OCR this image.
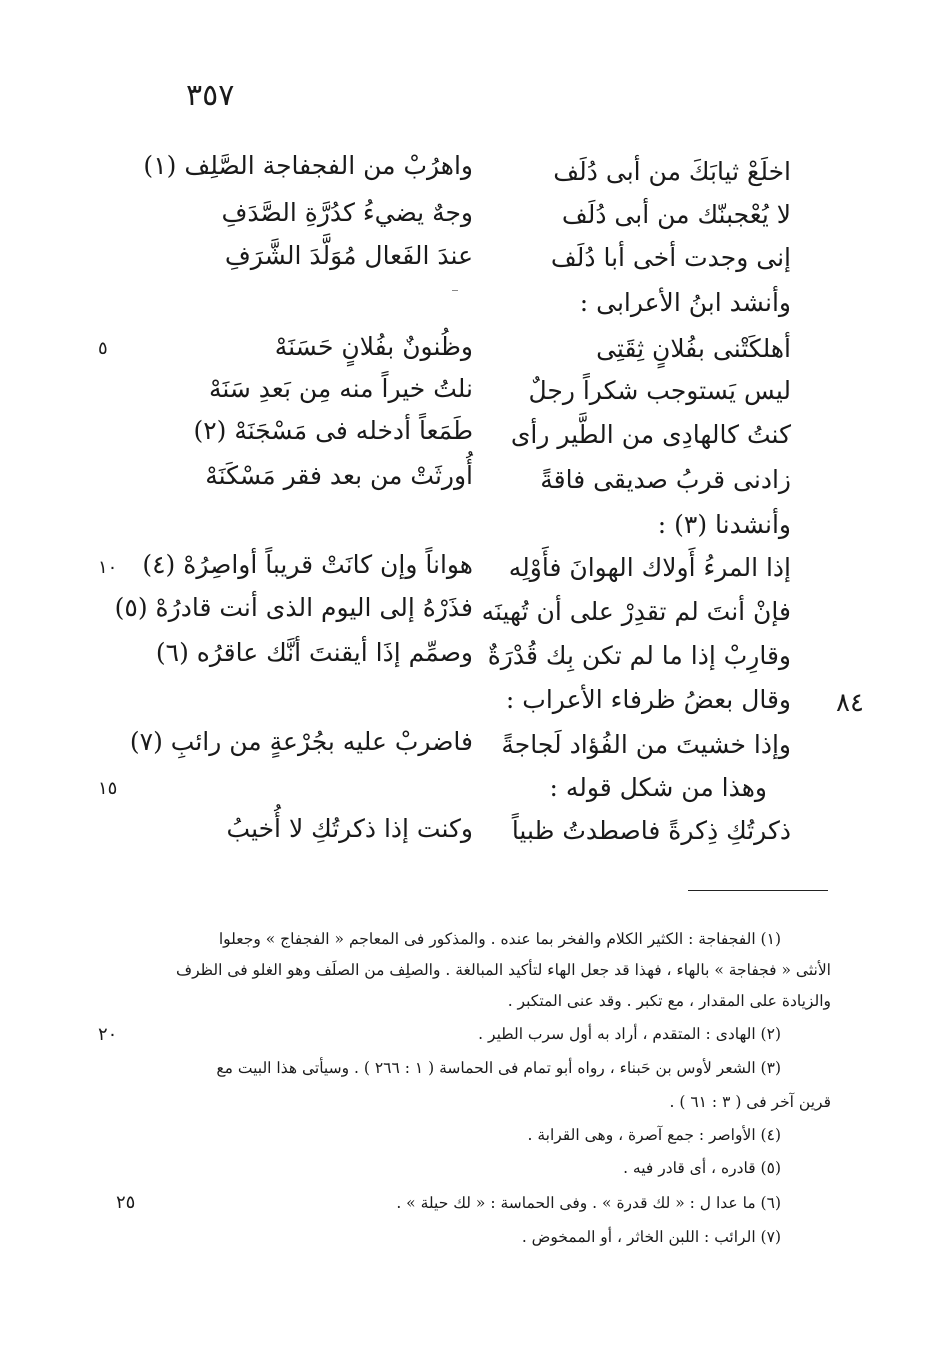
٣٥٧
اخلَعْ ثيابَكَ من أبى دُلَف
واهرُبْ من الفجفاجة الصَّلِف (١)
لا يُعْجبنّك من أبى دُلَف
وجهٌ يضيءُ كدُرَّةِ الصَّدَفِ
إنى وجدت أخى أبا دُلَف
عندَ الفَعال مُوَلَّدَ الشَّرَفِ
وأنشد ابنُ الأعرابى :
أهلكَتْنى بفُلانٍ ثِقَتِى
وظُنونٌ بفُلانٍ حَسَنَهْ
ليس يَستوجب شكراً رجلٌ
نلتُ خيراً منه مِن بَعدِ سَنَهْ
كنتُ كالهادِى من الطَّير رأى
طَمَعاً أدخله فى مَسْجَنَهْ (٢)
زادنى قربُ صديقى فاقةً
أُورثَتْ من بعد فقر مَسْكَنَهْ
وأنشدنا (٣) :
إذا المرءُ أَولاك الهوانَ فأَوْلِه
هواناً وإن كانَتْ قريباً أواصِرُهْ (٤)
فإنْ أنتَ لم تقدِرْ على أن تُهينَه
فذَرْهُ إلى اليوم الذى أنت قادرُهْ (٥)
وقارِبْ إذا ما لم تكن بِك قُدْرَةٌ
وصمِّم إذَا أيقنتَ أنَّك عاقرُه (٦)
وقال بعضُ ظرفاء الأعراب :
وإذا خشيتَ من الفُؤاد لَجاجةً
فاضربْ عليه بجُرْعةٍ من رائبِ (٧)
وهذا من شكل قوله :
ذكرتُكِ ذِكرةً فاصطدتُ ظبياً
وكنت إذا ذكرتُكِ لا أُخيبُ
٨٤
٥
١٠
١٥
٢٠
٢٥
(١) الفجفاجة : الكثير الكلام والفخر بما عنده . والمذكور فى المعاجم « الفجفاج » وجعلوا
الأنثى « فجفاجة » بالهاء ، فهذا قد جعل الهاء لتأكيد المبالغة . والصلِف من الصلَف وهو الغلو فى الظرف
والزيادة على المقدار ، مع تكبر . وقد عنى المتكبر .
(٢) الهادى : المتقدم ، أراد به أول سرب الطير .
(٣) الشعر لأوس بن حَبناء ، رواه أبو تمام فى الحماسة ( ١ : ٢٦٦ ) . وسيأتى هذا البيت مع
قرين آخر فى ( ٣ : ٦١ ) .
(٤) الأواصر : جمع آصرة ، وهى القرابة .
(٥) قادره ، أى قادر فيه .
(٦) ما عدا ل : « لك قدرة » . وفى الحماسة : « لك حيلة » .
(٧) الرائب : اللبن الخاثر ، أو الممخوض .
